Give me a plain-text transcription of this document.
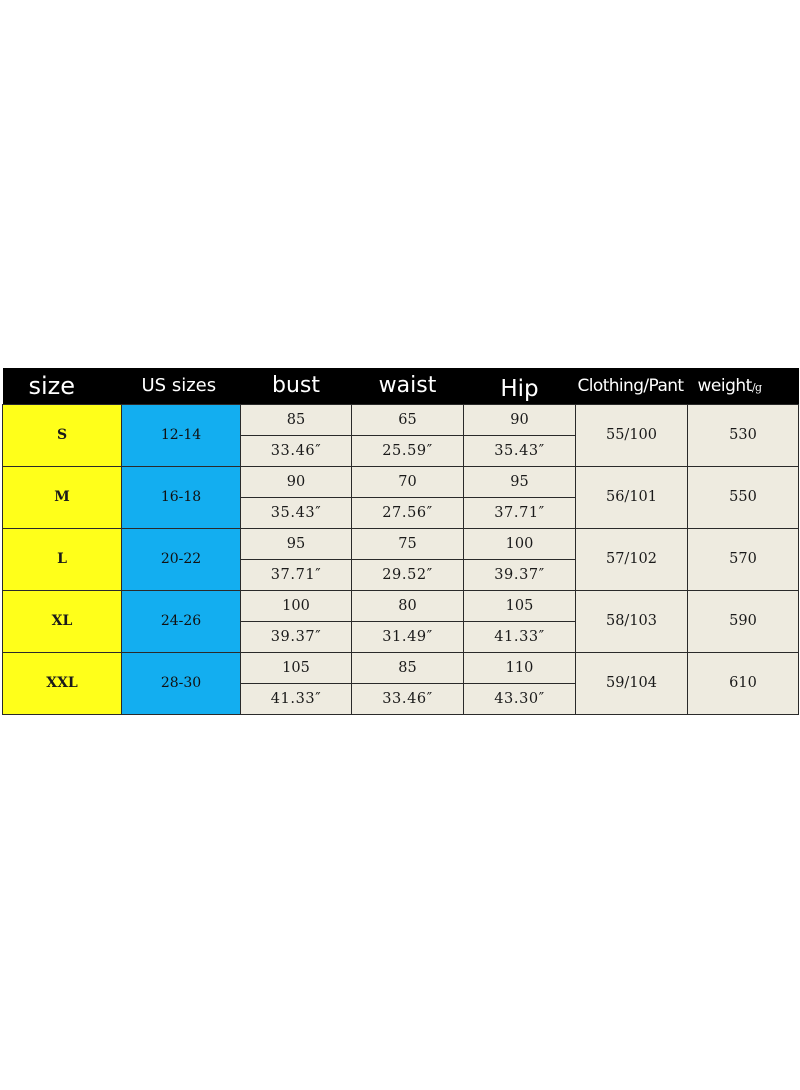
size	US sizes	bust	waist	Hip	Clothing/Pant	weight/g
S	12-14	85	65	90	55/100	530
		33.46″	25.59″	35.43″		
M	16-18	90	70	95	56/101	550
		35.43″	27.56″	37.71″		
L	20-22	95	75	100	57/102	570
		37.71″	29.52″	39.37″		
XL	24-26	100	80	105	58/103	590
		39.37″	31.49″	41.33″		
XXL	28-30	105	85	110	59/104	610
		41.33″	33.46″	43.30″		
